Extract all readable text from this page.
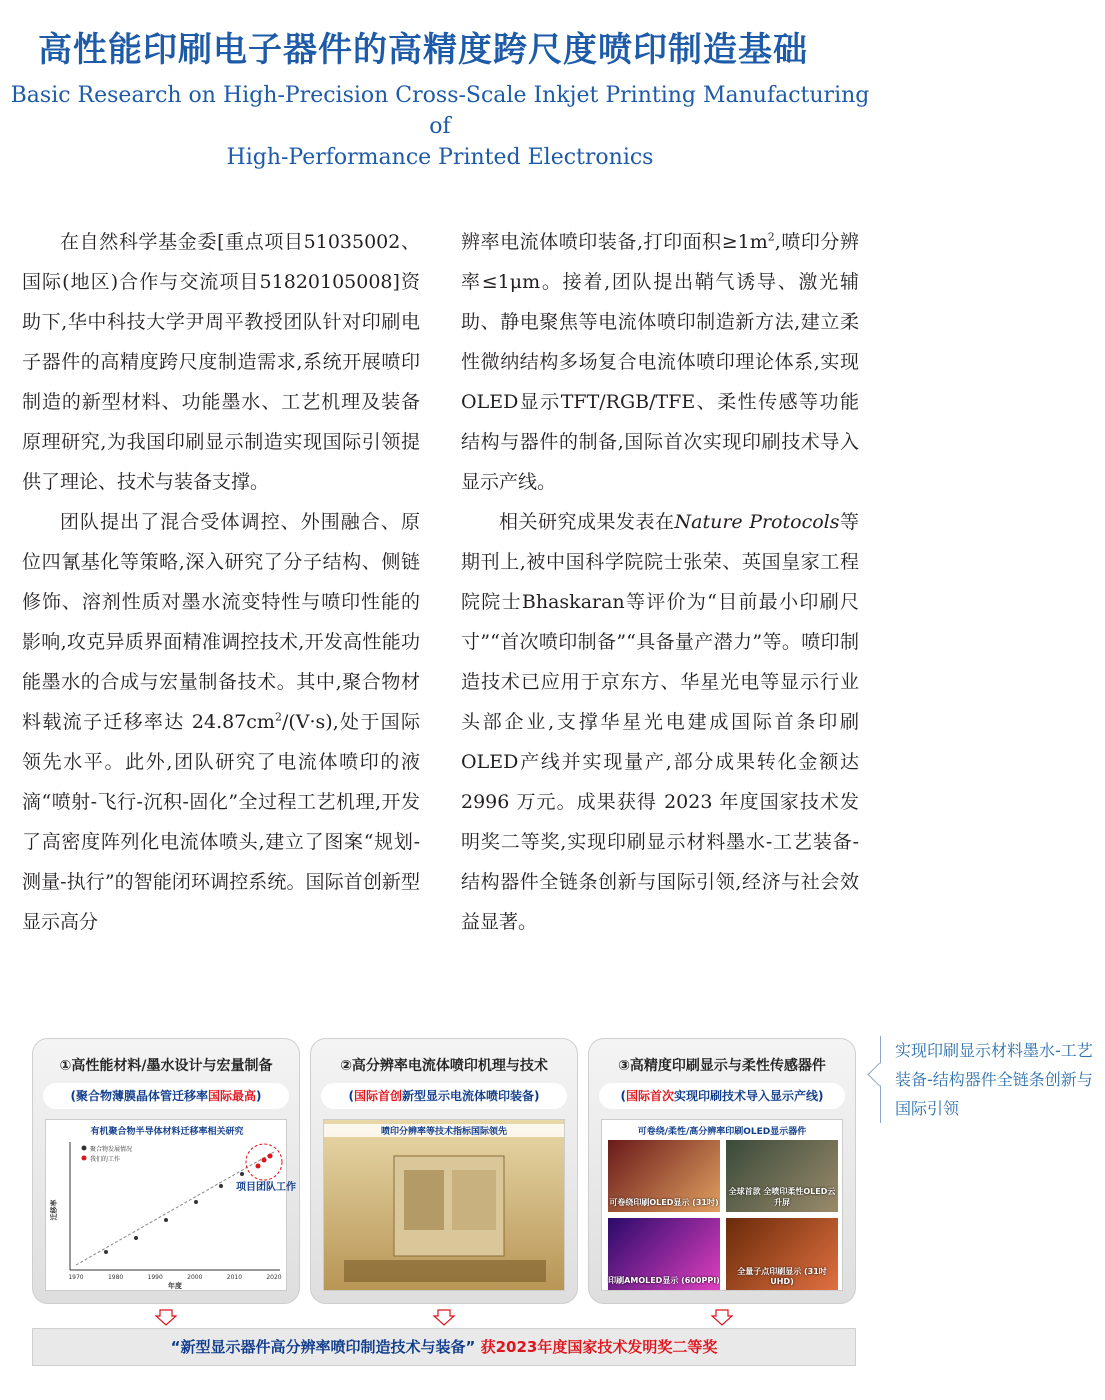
高性能印刷电子器件的高精度跨尺度喷印制造基础
Basic Research on High-Precision Cross-Scale Inkjet Printing Manufacturing of
High-Performance Printed Electronics

在自然科学基金委[重点项目51035002、国际(地区)合作与交流项目51820105008]资助下,华中科技大学尹周平教授团队针对印刷电子器件的高精度跨尺度制造需求,系统开展喷印制造的新型材料、功能墨水、工艺机理及装备原理研究,为我国印刷显示制造实现国际引领提供了理论、技术与装备支撑。

团队提出了混合受体调控、外围融合、原位四氰基化等策略,深入研究了分子结构、侧链修饰、溶剂性质对墨水流变特性与喷印性能的影响,攻克异质界面精准调控技术,开发高性能功能墨水的合成与宏量制备技术。其中,聚合物材料载流子迁移率达 $24.87cm^2/(V\cdot s)$,处于国际领先水平。此外,团队研究了电流体喷印的液滴“喷射-飞行-沉积-固化”全过程工艺机理,开发了高密度阵列化电流体喷头,建立了图案“规划-测量-执行”的智能闭环调控系统。国际首创新型显示高分

辨率电流体喷印装备,打印面积$\ge 1m^2$,喷印分辨率≤1μm。接着,团队提出鞘气诱导、激光辅助、静电聚焦等电流体喷印制造新方法,建立柔性微纳结构多场复合电流体喷印理论体系,实现OLED显示TFT/RGB/TFE、柔性传感等功能结构与器件的制备,国际首次实现印刷技术导入显示产线。

相关研究成果发表在Nature Protocols等期刊上,被中国科学院院士张荣、英国皇家工程院院士Bhaskaran等评价为“目前最小印刷尺寸”“首次喷印制备”“具备量产潜力”等。喷印制造技术已应用于京东方、华星光电等显示行业头部企业,支撑华星光电建成国际首条印刷OLED产线并实现量产,部分成果转化金额达 2996 万元。成果获得 2023 年度国家技术发明奖二等奖,实现印刷显示材料墨水-工艺装备-结构器件全链条创新与国际引领,经济与社会效益显著。

实现印刷显示材料墨水-工艺装备-结构器件全链条创新与国际引领
①高性能材料/墨水设计与宏量制备
(聚合物薄膜晶体管迁移率国际最高)
有机聚合物半导体材料迁移率相关研究
聚合物发展情况
我们的工作
项目团队工作
年度
迁移率
1970	1980	1990	2000	2010	2020
②高分辨率电流体喷印机理与技术
(国际首创新型显示电流体喷印装备)
喷印分辨率等技术指标国际领先
③高精度印刷显示与柔性传感器件
(国际首次实现印刷技术导入显示产线)
可卷绕/柔性/高分辨率印刷OLED显示器件
可卷绕印刷OLED显示 (31吋)
全球首款 全喷印柔性OLED云升屏
印刷AMOLED显示 (600PPI)
全量子点印刷显示 (31吋UHD)
“新型显示器件高分辨率喷印制造技术与装备” 获2023年度国家技术发明奖二等奖
